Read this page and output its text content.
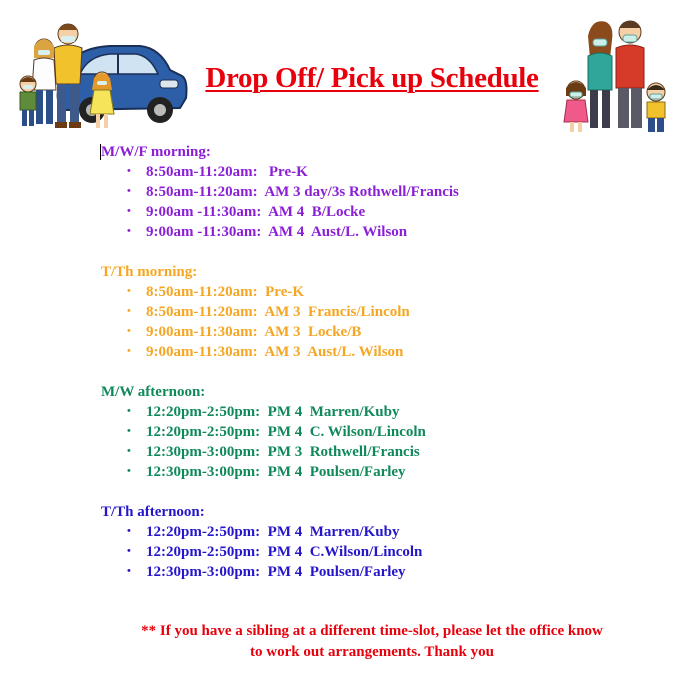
Drop Off/ Pick up Schedule
M/W/F morning:
• 8:50am-11:20am:   Pre-K
• 8:50am-11:20am:  AM 3 day/3s Rothwell/Francis
• 9:00am -11:30am:  AM 4  B/Locke
• 9:00am -11:30am:  AM 4  Aust/L. Wilson
T/Th morning:
• 8:50am-11:20am:  Pre-K
• 8:50am-11:20am:  AM 3  Francis/Lincoln
• 9:00am-11:30am:  AM 3  Locke/B
• 9:00am-11:30am:  AM 3  Aust/L. Wilson
M/W afternoon:
• 12:20pm-2:50pm:  PM 4  Marren/Kuby
• 12:20pm-2:50pm:  PM 4  C. Wilson/Lincoln
• 12:30pm-3:00pm:  PM 3  Rothwell/Francis
• 12:30pm-3:00pm:  PM 4  Poulsen/Farley
T/Th afternoon:
• 12:20pm-2:50pm:  PM 4  Marren/Kuby
• 12:20pm-2:50pm:  PM 4  C.Wilson/Lincoln
• 12:30pm-3:00pm:  PM 4  Poulsen/Farley
** If you have a sibling at a different time-slot, please let the office know
to work out arrangements. Thank you
